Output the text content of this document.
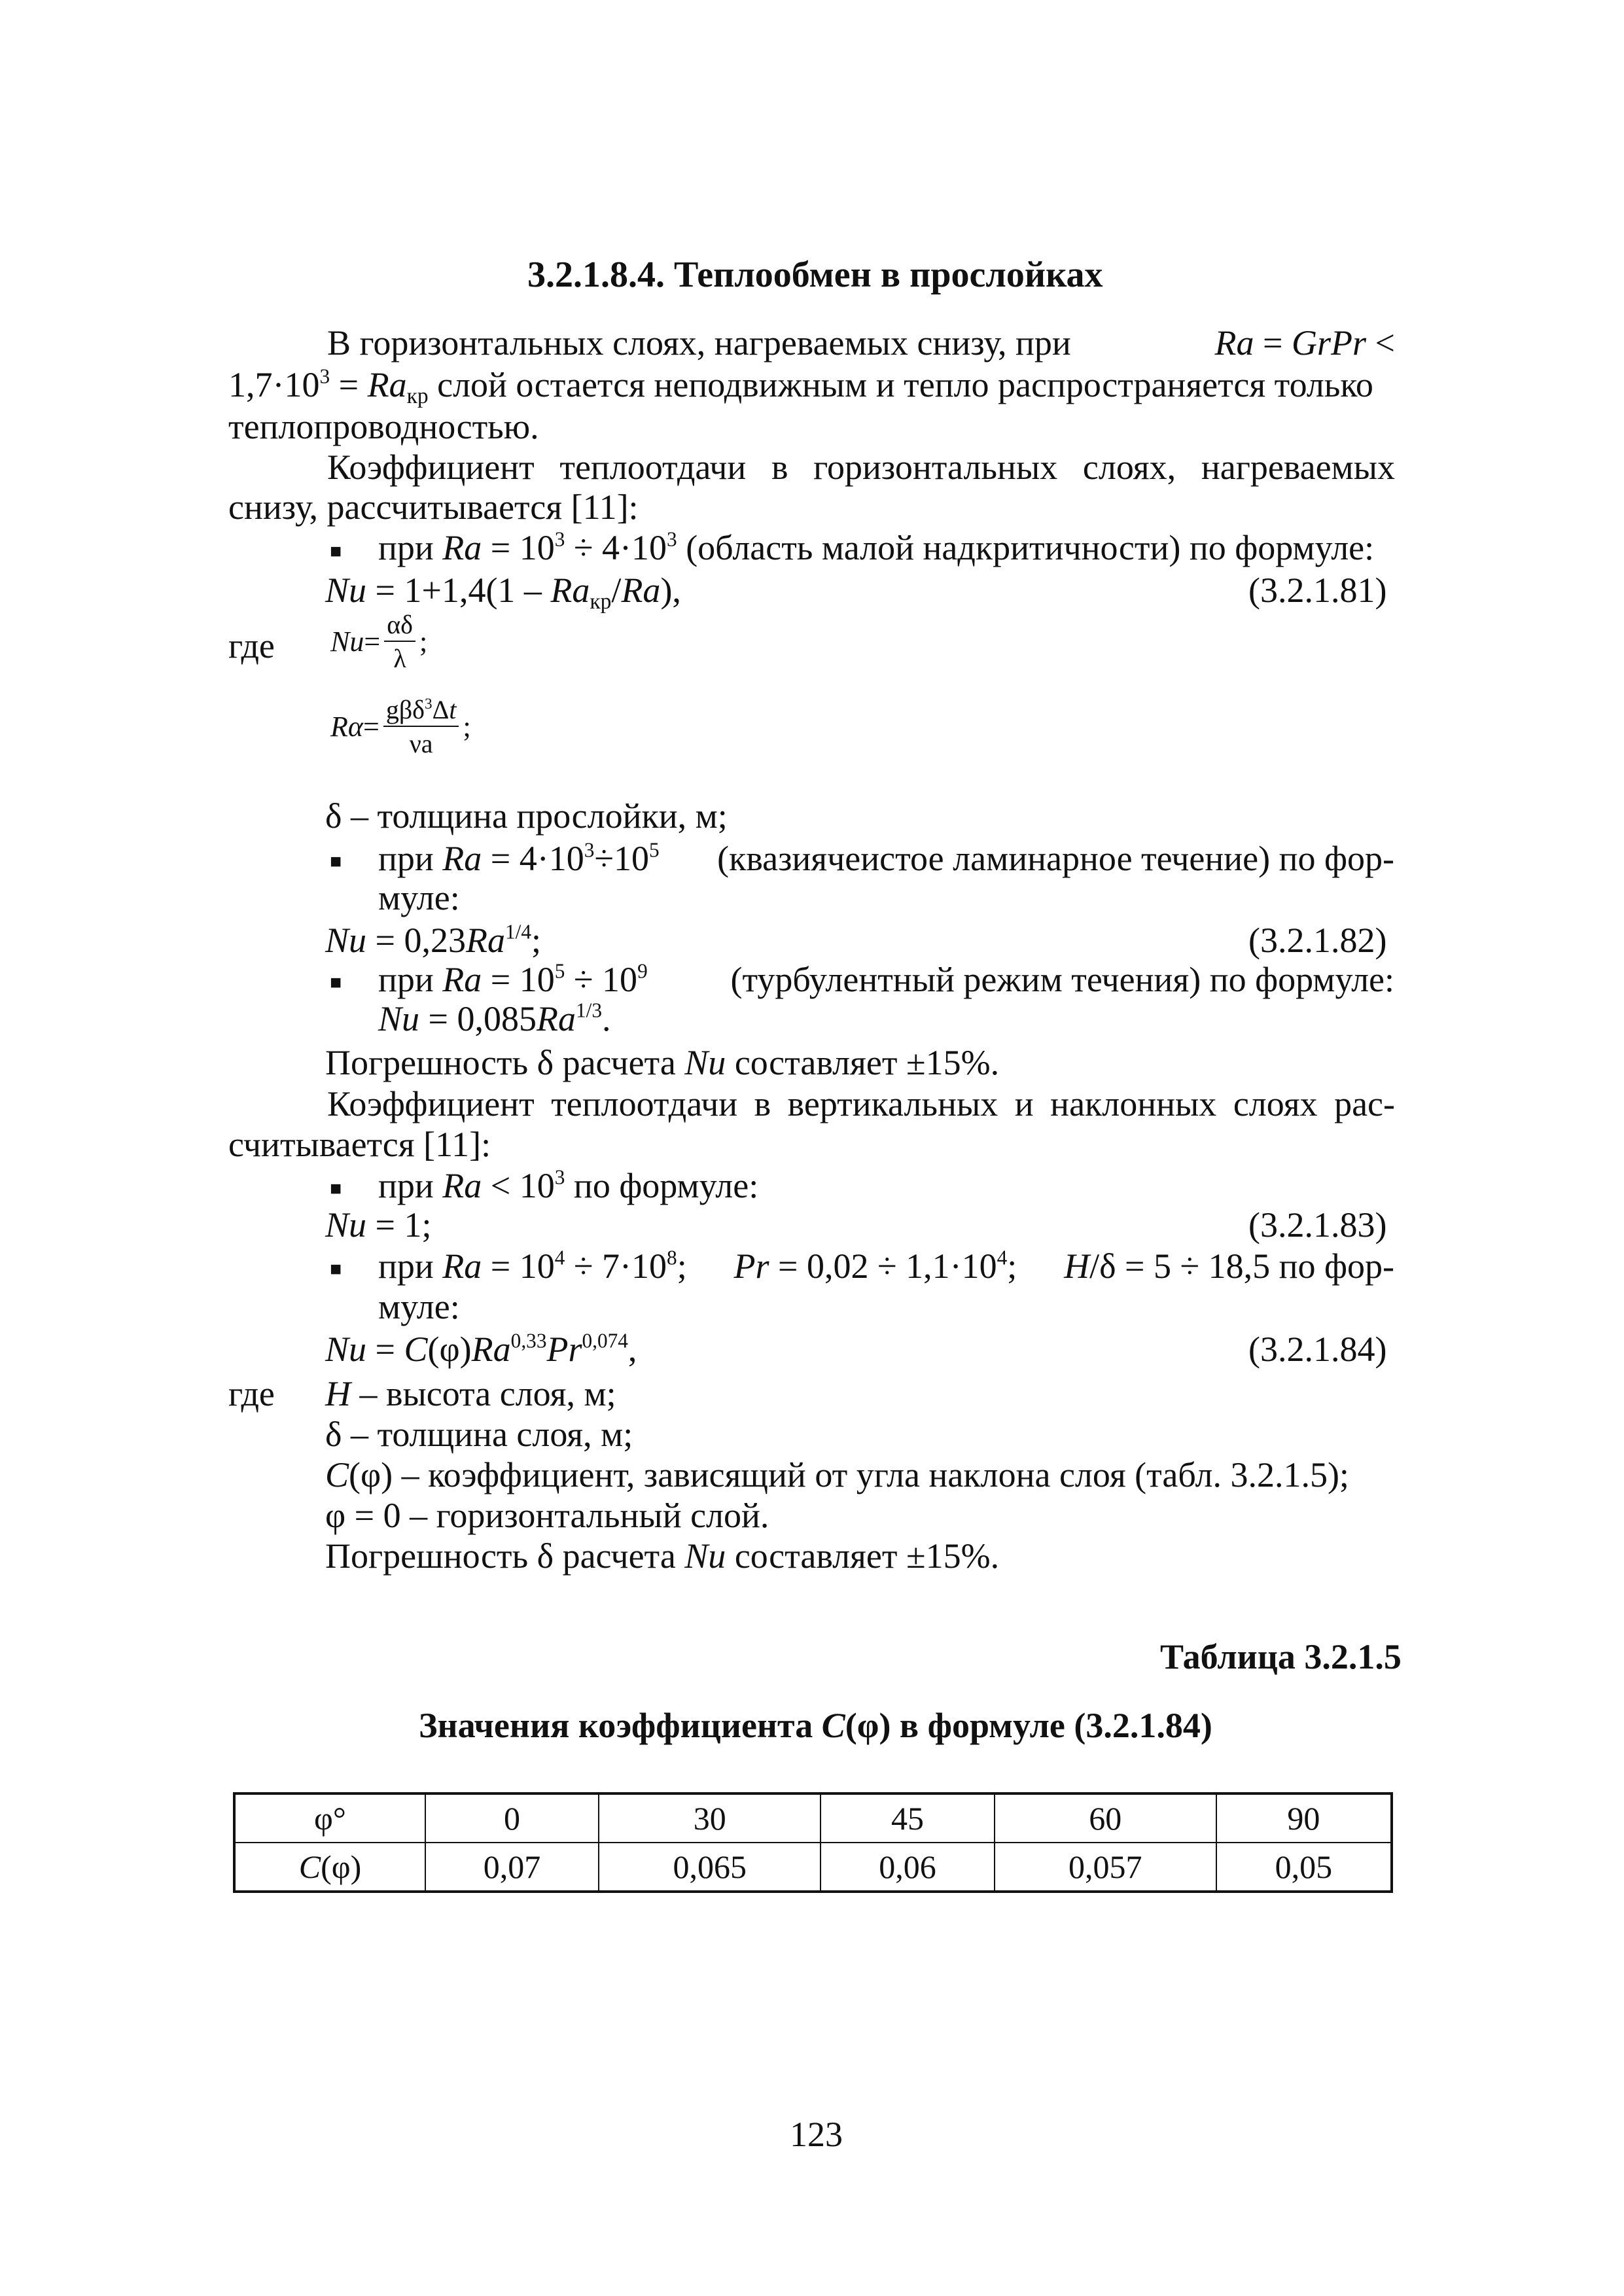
3.2.1.8.4. Теплообмен в прослойках
В горизонтальных слоях, нагреваемых снизу, при	Ra = GrPr <
$1,7\cdot 10^3 = Ra_{кр}$ слой остается неподвижным и тепло распространяется только
теплопроводностью.
Коэффициент теплоотдачи в горизонтальных слоях, нагреваемых
снизу, рассчитывается [11]:
■ при $Ra = 10^3 \div 4\cdot 10^3$ (область малой надкритичности) по формуле:
$Nu = 1+1,4(1 - Ra_{кр}/Ra)$,	(3.2.1.81)
где $Nu = \frac{\alpha\delta}{\lambda}$ ;
$R\alpha = \frac{g\beta\delta^3\Delta t}{\nu a}$ ;
δ – толщина прослойки, м;
■ при $Ra = 4\cdot 10^3\div 10^5$ (квазиячеистое ламинарное течение) по фор-
муле:
$Nu = 0,23Ra^{1/4}$;	(3.2.1.82)
■ при $Ra = 10^5 \div 10^9$ (турбулентный режим течения) по формуле:
$Nu = 0,085Ra^{1/3}$.
Погрешность δ расчета Nu составляет ±15%.
Коэффициент теплоотдачи в вертикальных и наклонных слоях рас-
считывается [11]:
■ при $Ra < 10^3$ по формуле:
Nu = 1;	(3.2.1.83)
■ при $Ra = 10^4 \div 7\cdot 10^8$; $Pr = 0,02 \div 1,1\cdot 10^4$; H/δ = 5 ÷ 18,5 по фор-
муле:
Nu = C(φ)Ra$^{0,33}$Pr$^{0,074}$,	(3.2.1.84)
где H – высота слоя, м;
δ – толщина слоя, м;
C(φ) – коэффициент, зависящий от угла наклона слоя (табл. 3.2.1.5);
φ = 0 – горизонтальный слой.
Погрешность δ расчета Nu составляет ±15%.
Таблица 3.2.1.5
Значения коэффициента C(φ) в формуле (3.2.1.84)
φ°	0	30	45	60	90
C(φ)	0,07	0,065	0,06	0,057	0,05
123
